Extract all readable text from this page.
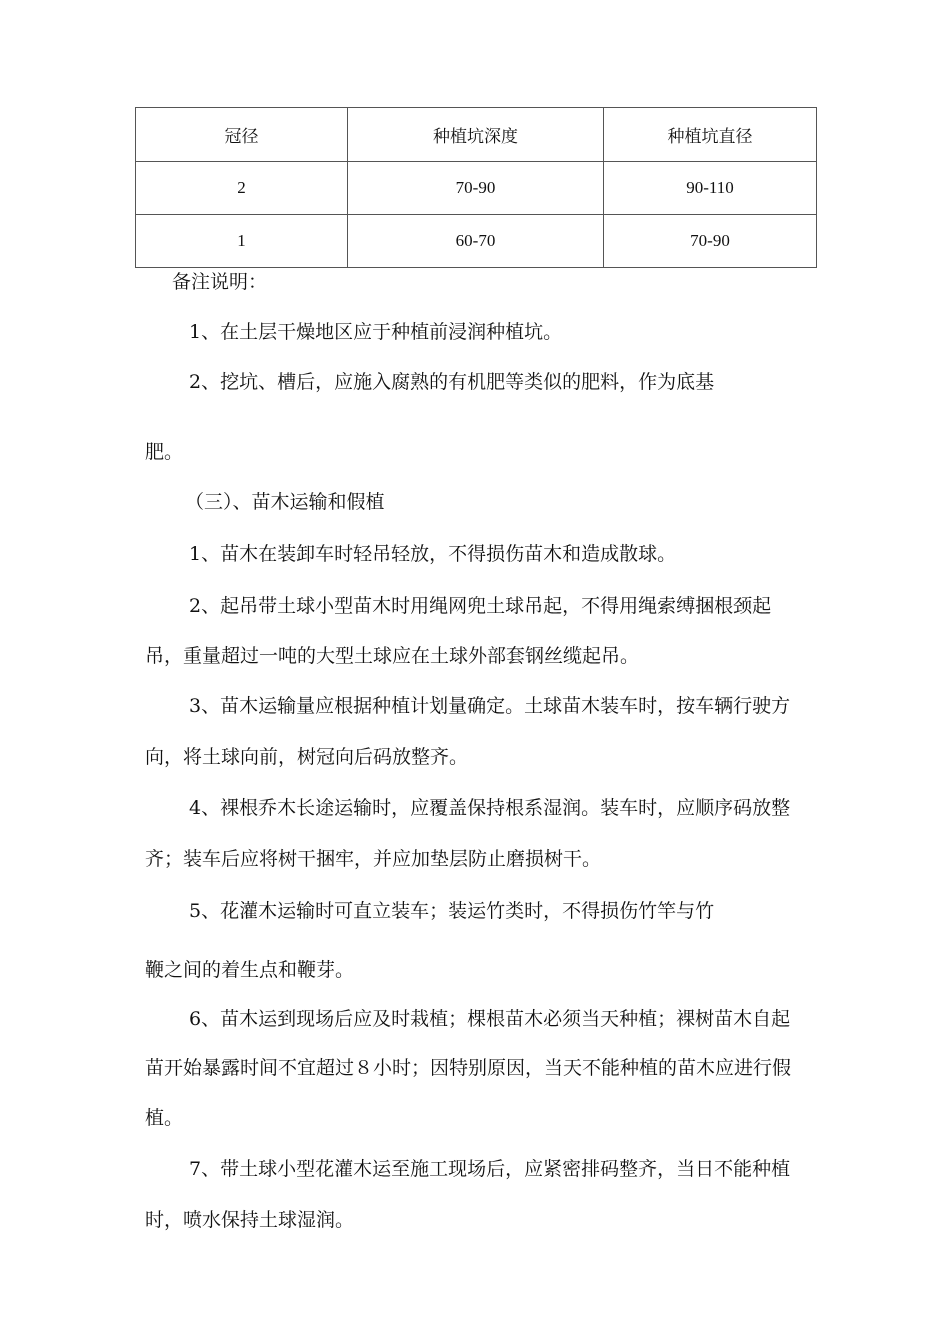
冠径	种植坑深度	种植坑直径
2	70-90	90-110
1	60-70	70-90
备注说明：
1、在土层干燥地区应于种植前浸润种植坑。
2、挖坑、槽后，应施入腐熟的有机肥等类似的肥料，作为底基
肥。
（三）、苗木运输和假植
1、苗木在装卸车时轻吊轻放，不得损伤苗木和造成散球。
2、起吊带土球小型苗木时用绳网兜土球吊起，不得用绳索缚捆根颈起
吊，重量超过一吨的大型土球应在土球外部套钢丝缆起吊。
3、苗木运输量应根据种植计划量确定。土球苗木装车时，按车辆行驶方
向，将土球向前，树冠向后码放整齐。
4、裸根乔木长途运输时，应覆盖保持根系湿润。装车时，应顺序码放整
齐；装车后应将树干捆牢，并应加垫层防止磨损树干。
5、花灌木运输时可直立装车；装运竹类时，不得损伤竹竿与竹
鞭之间的着生点和鞭芽。
6、苗木运到现场后应及时栽植；棵根苗木必须当天种植；裸树苗木自起
苗开始暴露时间不宜超过８小时；因特别原因，当天不能种植的苗木应进行假
植。
7、带土球小型花灌木运至施工现场后，应紧密排码整齐，当日不能种植
时，喷水保持土球湿润。
